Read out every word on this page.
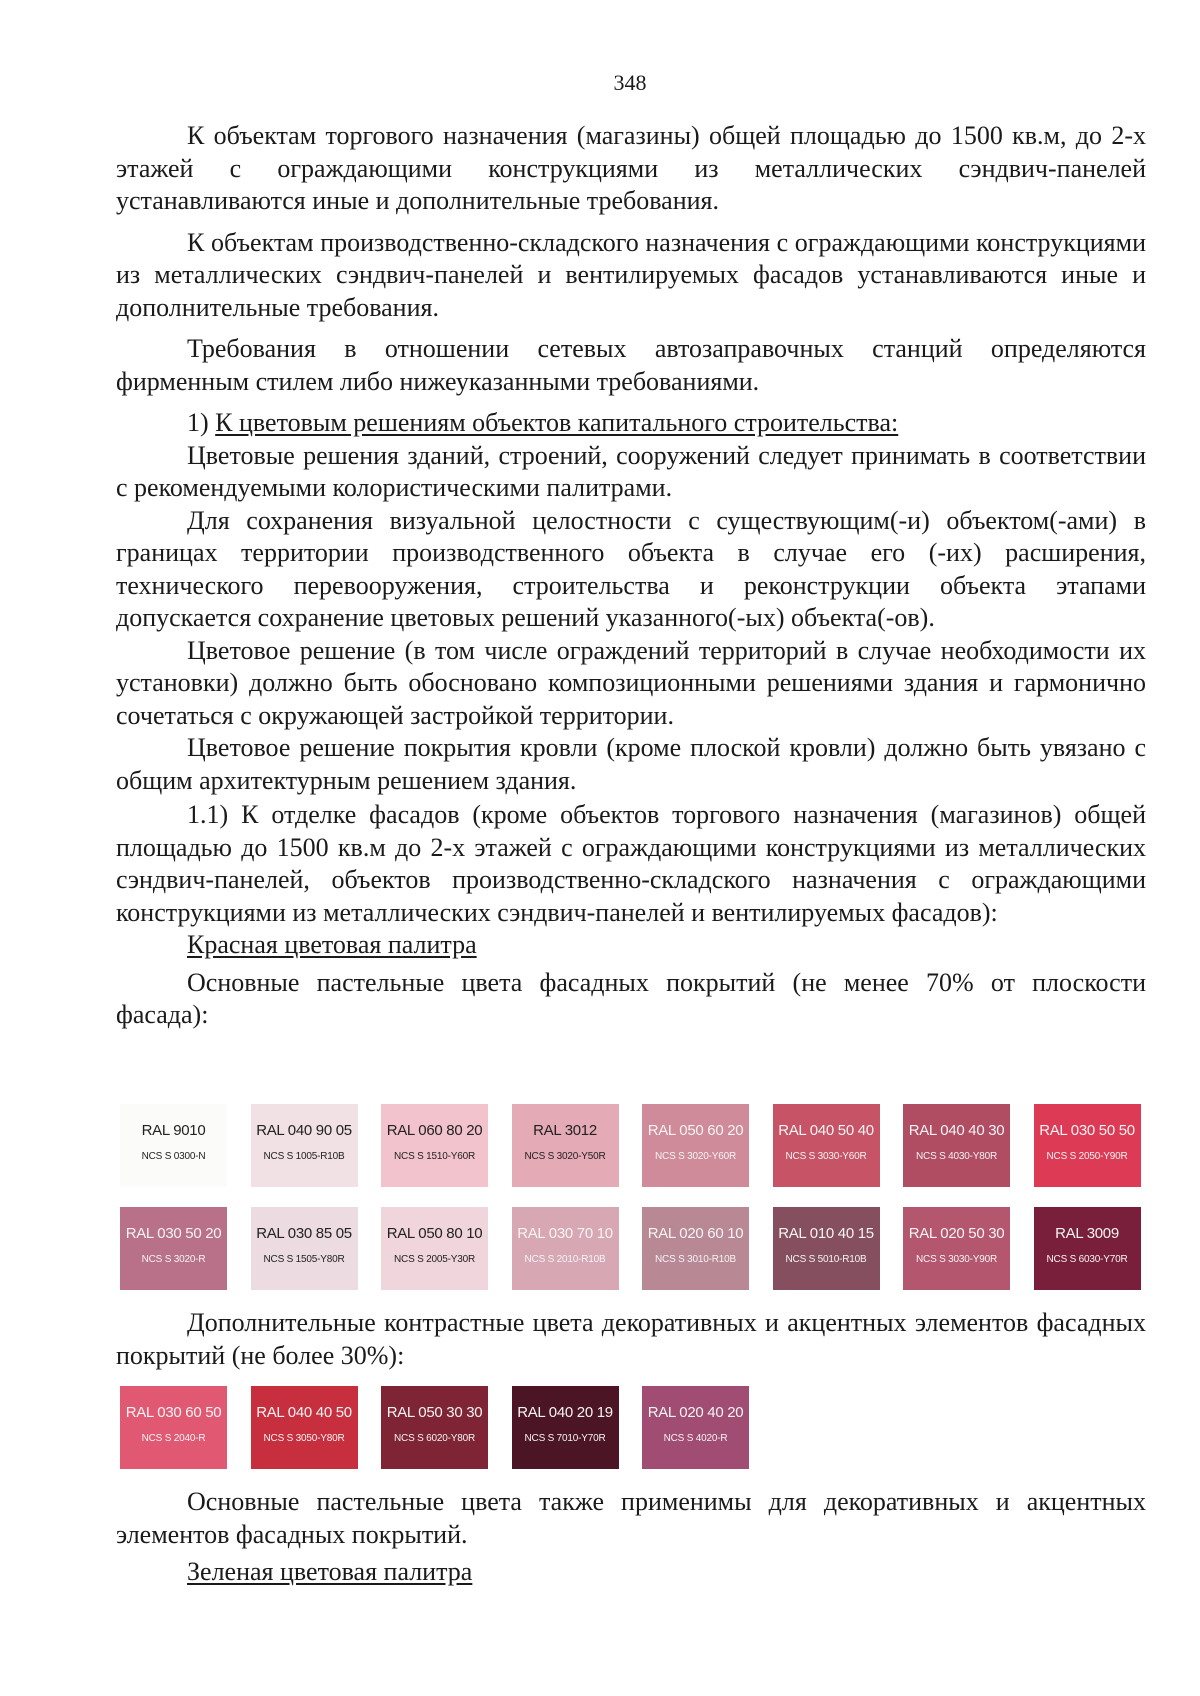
348

К объектам торгового назначения (магазины) общей площадью до 1500 кв.м, до 2-х этажей с ограждающими конструкциями из металлических сэндвич-панелей устанавливаются иные и дополнительные требования.

К объектам производственно-складского назначения с ограждающими конструкциями из металлических сэндвич-панелей и вентилируемых фасадов устанавливаются иные и дополнительные требования.

Требования в отношении сетевых автозаправочных станций определяются фирменным стилем либо нижеуказанными требованиями.

1) К цветовым решениям объектов капитального строительства:

Цветовые решения зданий, строений, сооружений следует принимать в соответствии с рекомендуемыми колористическими палитрами.

Для сохранения визуальной целостности с существующим(-и) объектом(-ами) в границах территории производственного объекта в случае его (-их) расширения, технического перевооружения, строительства и реконструкции объекта этапами допускается сохранение цветовых решений указанного(-ых) объекта(-ов).

Цветовое решение (в том числе ограждений территорий в случае необходимости их установки) должно быть обосновано композиционными решениями здания и гармонично сочетаться с окружающей застройкой территории.

Цветовое решение покрытия кровли (кроме плоской кровли) должно быть увязано с общим архитектурным решением здания.

1.1) К отделке фасадов (кроме объектов торгового назначения (магазинов) общей площадью до 1500 кв.м до 2-х этажей с ограждающими конструкциями из металлических сэндвич-панелей, объектов производственно-складского назначения с ограждающими конструкциями из металлических сэндвич-панелей и вентилируемых фасадов):

Красная цветовая палитра

Основные пастельные цвета фасадных покрытий (не менее 70% от плоскости фасада):

RAL 9010
NCS S 0300-N
RAL 040 90 05
NCS S 1005-R10B
RAL 060 80 20
NCS S 1510-Y60R
RAL 3012
NCS S 3020-Y50R
RAL 050 60 20
NCS S 3020-Y60R
RAL 040 50 40
NCS S 3030-Y60R
RAL 040 40 30
NCS S 4030-Y80R
RAL 030 50 50
NCS S 2050-Y90R
RAL 030 50 20
NCS S 3020-R
RAL 030 85 05
NCS S 1505-Y80R
RAL 050 80 10
NCS S 2005-Y30R
RAL 030 70 10
NCS S 2010-R10B
RAL 020 60 10
NCS S 3010-R10B
RAL 010 40 15
NCS S 5010-R10B
RAL 020 50 30
NCS S 3030-Y90R
RAL 3009
NCS S 6030-Y70R

Дополнительные контрастные цвета декоративных и акцентных элементов фасадных покрытий (не более 30%):

RAL 030 60 50
NCS S 2040-R
RAL 040 40 50
NCS S 3050-Y80R
RAL 050 30 30
NCS S 6020-Y80R
RAL 040 20 19
NCS S 7010-Y70R
RAL 020 40 20
NCS S 4020-R

Основные пастельные цвета также применимы для декоративных и акцентных элементов фасадных покрытий.

Зеленая цветовая палитра
